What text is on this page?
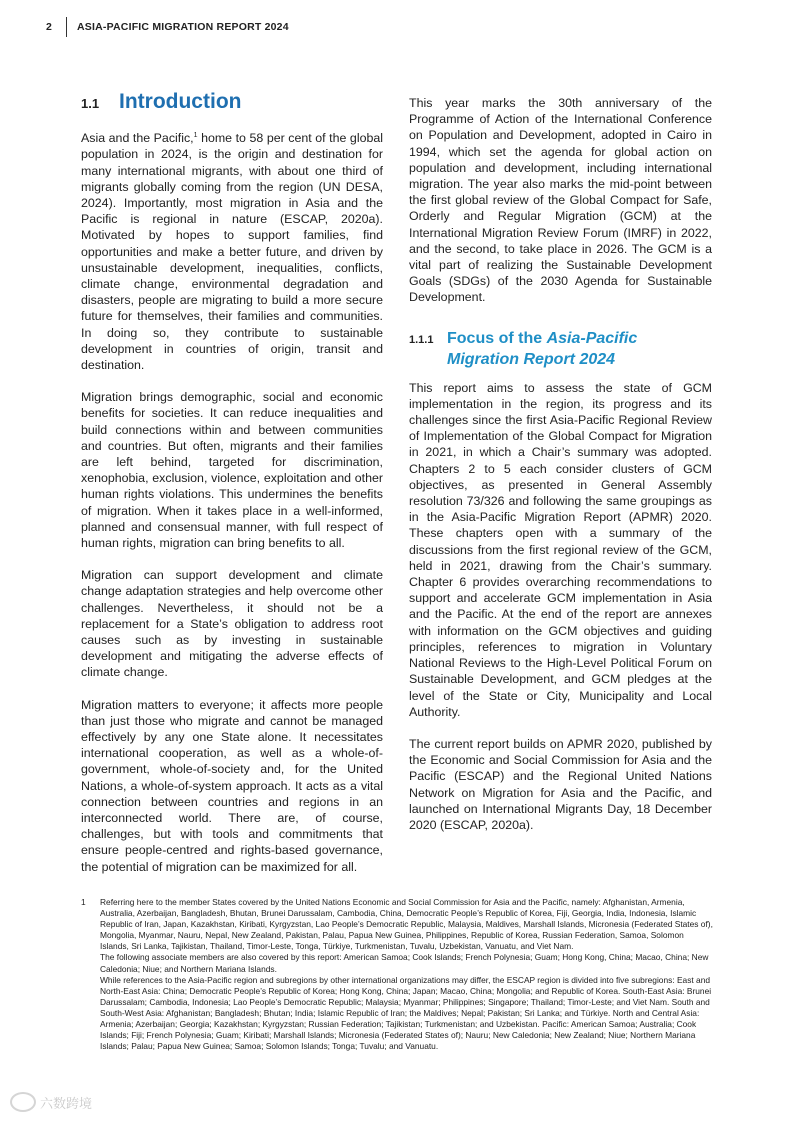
2	ASIA-PACIFIC MIGRATION REPORT 2024
1.1 Introduction

Asia and the Pacific,$^1$ home to 58 per cent of the global population in 2024, is the origin and destination for many international migrants, with about one third of migrants globally coming from the region (UN DESA, 2024). Importantly, most migration in Asia and the Pacific is regional in nature (ESCAP, 2020a). Motivated by hopes to support families, find opportunities and make a better future, and driven by unsustainable development, inequalities, conflicts, climate change, environmental degradation and disasters, people are migrating to build a more secure future for themselves, their families and communities. In doing so, they contribute to sustainable development in countries of origin, transit and destination.

Migration brings demographic, social and economic benefits for societies. It can reduce inequalities and build connections within and between communities and countries. But often, migrants and their families are left behind, targeted for discrimination, xenophobia, exclusion, violence, exploitation and other human rights violations. This undermines the benefits of migration. When it takes place in a well-informed, planned and consensual manner, with full respect of human rights, migration can bring benefits to all.

Migration can support development and climate change adaptation strategies and help overcome other challenges. Nevertheless, it should not be a replacement for a State’s obligation to address root causes such as by investing in sustainable development and mitigating the adverse effects of climate change.

Migration matters to everyone; it affects more people than just those who migrate and cannot be managed effectively by any one State alone. It necessitates international cooperation, as well as a whole-of-government, whole-of-society and, for the United Nations, a whole-of-system approach. It acts as a vital connection between countries and regions in an interconnected world. There are, of course, challenges, but with tools and commitments that ensure people-centred and rights-based governance, the potential of migration can be maximized for all.

This year marks the 30th anniversary of the Programme of Action of the International Conference on Population and Development, adopted in Cairo in 1994, which set the agenda for global action on population and development, including international migration. The year also marks the mid-point between the first global review of the Global Compact for Safe, Orderly and Regular Migration (GCM) at the International Migration Review Forum (IMRF) in 2022, and the second, to take place in 2026. The GCM is a vital part of realizing the Sustainable Development Goals (SDGs) of the 2030 Agenda for Sustainable Development.

1.1.1 Focus of the Asia-Pacific Migration Report 2024

This report aims to assess the state of GCM implementation in the region, its progress and its challenges since the first Asia-Pacific Regional Review of Implementation of the Global Compact for Migration in 2021, in which a Chair’s summary was adopted. Chapters 2 to 5 each consider clusters of GCM objectives, as presented in General Assembly resolution 73/326 and following the same groupings as in the Asia-Pacific Migration Report (APMR) 2020. These chapters open with a summary of the discussions from the first regional review of the GCM, held in 2021, drawing from the Chair’s summary. Chapter 6 provides overarching recommendations to support and accelerate GCM implementation in Asia and the Pacific. At the end of the report are annexes with information on the GCM objectives and guiding principles, references to migration in Voluntary National Reviews to the High-Level Political Forum on Sustainable Development, and GCM pledges at the level of the State or City, Municipality and Local Authority.

The current report builds on APMR 2020, published by the Economic and Social Commission for Asia and the Pacific (ESCAP) and the Regional United Nations Network on Migration for Asia and the Pacific, and launched on International Migrants Day, 18 December 2020 (ESCAP, 2020a).

1	Referring here to the member States covered by the United Nations Economic and Social Commission for Asia and the Pacific, namely: Afghanistan, Armenia, Australia, Azerbaijan, Bangladesh, Bhutan, Brunei Darussalam, Cambodia, China, Democratic People’s Republic of Korea, Fiji, Georgia, India, Indonesia, Islamic Republic of Iran, Japan, Kazakhstan, Kiribati, Kyrgyzstan, Lao People’s Democratic Republic, Malaysia, Maldives, Marshall Islands, Micronesia (Federated States of), Mongolia, Myanmar, Nauru, Nepal, New Zealand, Pakistan, Palau, Papua New Guinea, Philippines, Republic of Korea, Russian Federation, Samoa, Solomon Islands, Sri Lanka, Tajikistan, Thailand, Timor-Leste, Tonga, Türkiye, Turkmenistan, Tuvalu, Uzbekistan, Vanuatu, and Viet Nam.
The following associate members are also covered by this report: American Samoa; Cook Islands; French Polynesia; Guam; Hong Kong, China; Macao, China; New Caledonia; Niue; and Northern Mariana Islands.
While references to the Asia-Pacific region and subregions by other international organizations may differ, the ESCAP region is divided into five subregions: East and North-East Asia: China; Democratic People’s Republic of Korea; Hong Kong, China; Japan; Macao, China; Mongolia; and Republic of Korea. South-East Asia: Brunei Darussalam; Cambodia, Indonesia; Lao People’s Democratic Republic; Malaysia; Myanmar; Philippines; Singapore; Thailand; Timor-Leste; and Viet Nam. South and South-West Asia: Afghanistan; Bangladesh; Bhutan; India; Islamic Republic of Iran; the Maldives; Nepal; Pakistan; Sri Lanka; and Türkiye. North and Central Asia: Armenia; Azerbaijan; Georgia; Kazakhstan; Kyrgyzstan; Russian Federation; Tajikistan; Turkmenistan; and Uzbekistan. Pacific: American Samoa; Australia; Cook Islands; Fiji; French Polynesia; Guam; Kiribati; Marshall Islands; Micronesia (Federated States of); Nauru; New Caledonia; New Zealand; Niue; Northern Mariana Islands; Palau; Papua New Guinea; Samoa; Solomon Islands; Tonga; Tuvalu; and Vanuatu.
六数跨境
